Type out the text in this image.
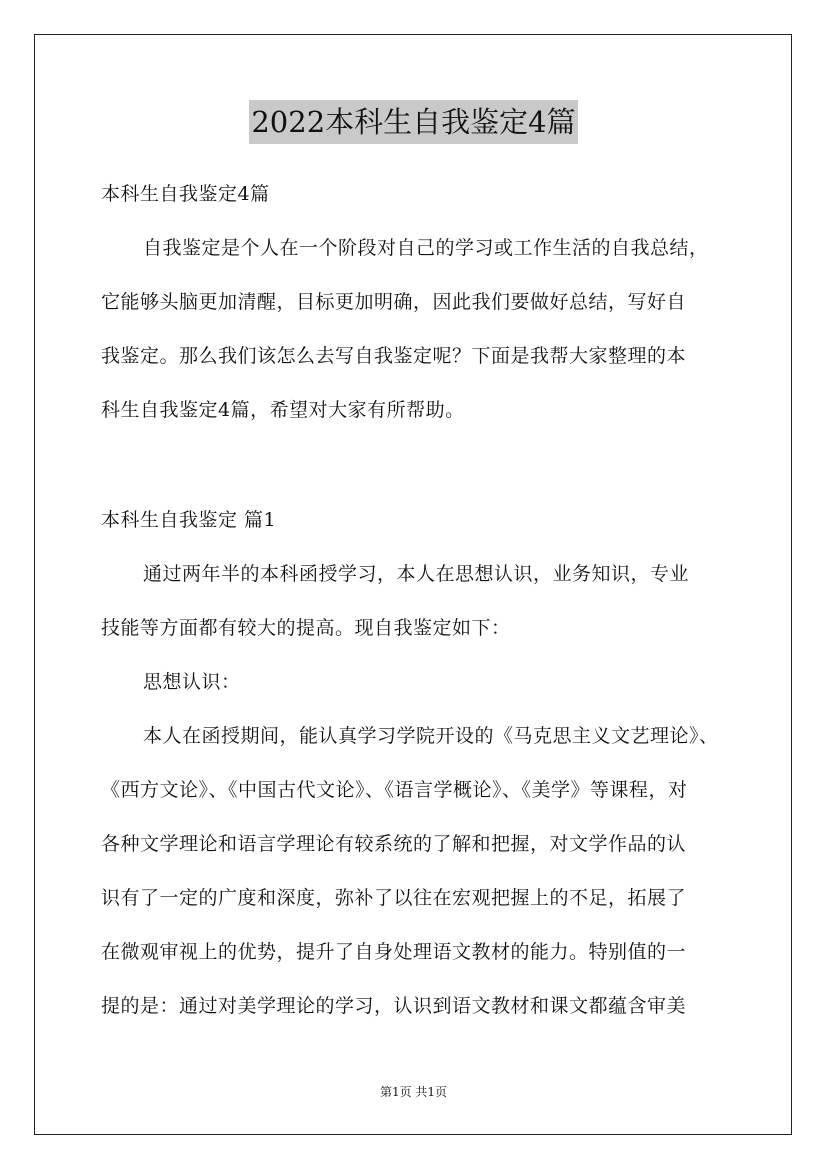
2022本科生自我鉴定4篇
本科生自我鉴定4篇
自我鉴定是个人在一个阶段对自己的学习或工作生活的自我总结，
它能够头脑更加清醒，目标更加明确，因此我们要做好总结，写好自
我鉴定。那么我们该怎么去写自我鉴定呢？下面是我帮大家整理的本
科生自我鉴定4篇，希望对大家有所帮助。
本科生自我鉴定 篇1
通过两年半的本科函授学习，本人在思想认识，业务知识，专业
技能等方面都有较大的提高。现自我鉴定如下：
思想认识：
本人在函授期间，能认真学习学院开设的《马克思主义文艺理论》、
《西方文论》、《中国古代文论》、《语言学概论》、《美学》等课程，对
各种文学理论和语言学理论有较系统的了解和把握，对文学作品的认
识有了一定的广度和深度，弥补了以往在宏观把握上的不足，拓展了
在微观审视上的优势，提升了自身处理语文教材的能力。特别值的一
提的是：通过对美学理论的学习，认识到语文教材和课文都蕴含审美
第1页 共1页
